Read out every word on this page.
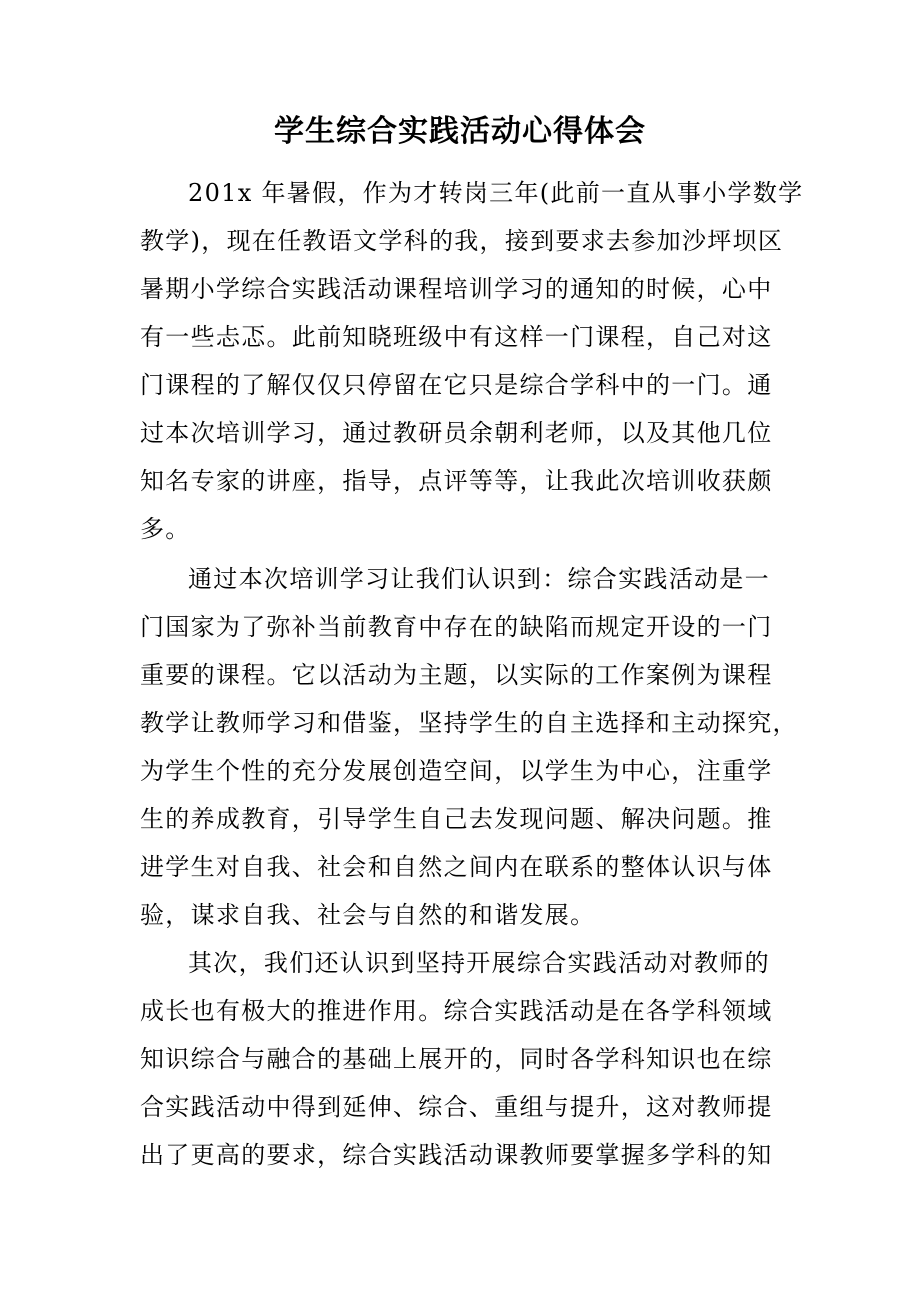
学生综合实践活动心得体会
201x 年暑假，作为才转岗三年(此前一直从事小学数学
教学)，现在任教语文学科的我，接到要求去参加沙坪坝区
暑期小学综合实践活动课程培训学习的通知的时候，心中
有一些忐忑。此前知晓班级中有这样一门课程，自己对这
门课程的了解仅仅只停留在它只是综合学科中的一门。通
过本次培训学习，通过教研员余朝利老师，以及其他几位
知名专家的讲座，指导，点评等等，让我此次培训收获颇
多。
通过本次培训学习让我们认识到：综合实践活动是一
门国家为了弥补当前教育中存在的缺陷而规定开设的一门
重要的课程。它以活动为主题，以实际的工作案例为课程
教学让教师学习和借鉴，坚持学生的自主选择和主动探究，
为学生个性的充分发展创造空间，以学生为中心，注重学
生的养成教育，引导学生自己去发现问题、解决问题。推
进学生对自我、社会和自然之间内在联系的整体认识与体
验，谋求自我、社会与自然的和谐发展。
其次，我们还认识到坚持开展综合实践活动对教师的
成长也有极大的推进作用。综合实践活动是在各学科领域
知识综合与融合的基础上展开的，同时各学科知识也在综
合实践活动中得到延伸、综合、重组与提升，这对教师提
出了更高的要求，综合实践活动课教师要掌握多学科的知
